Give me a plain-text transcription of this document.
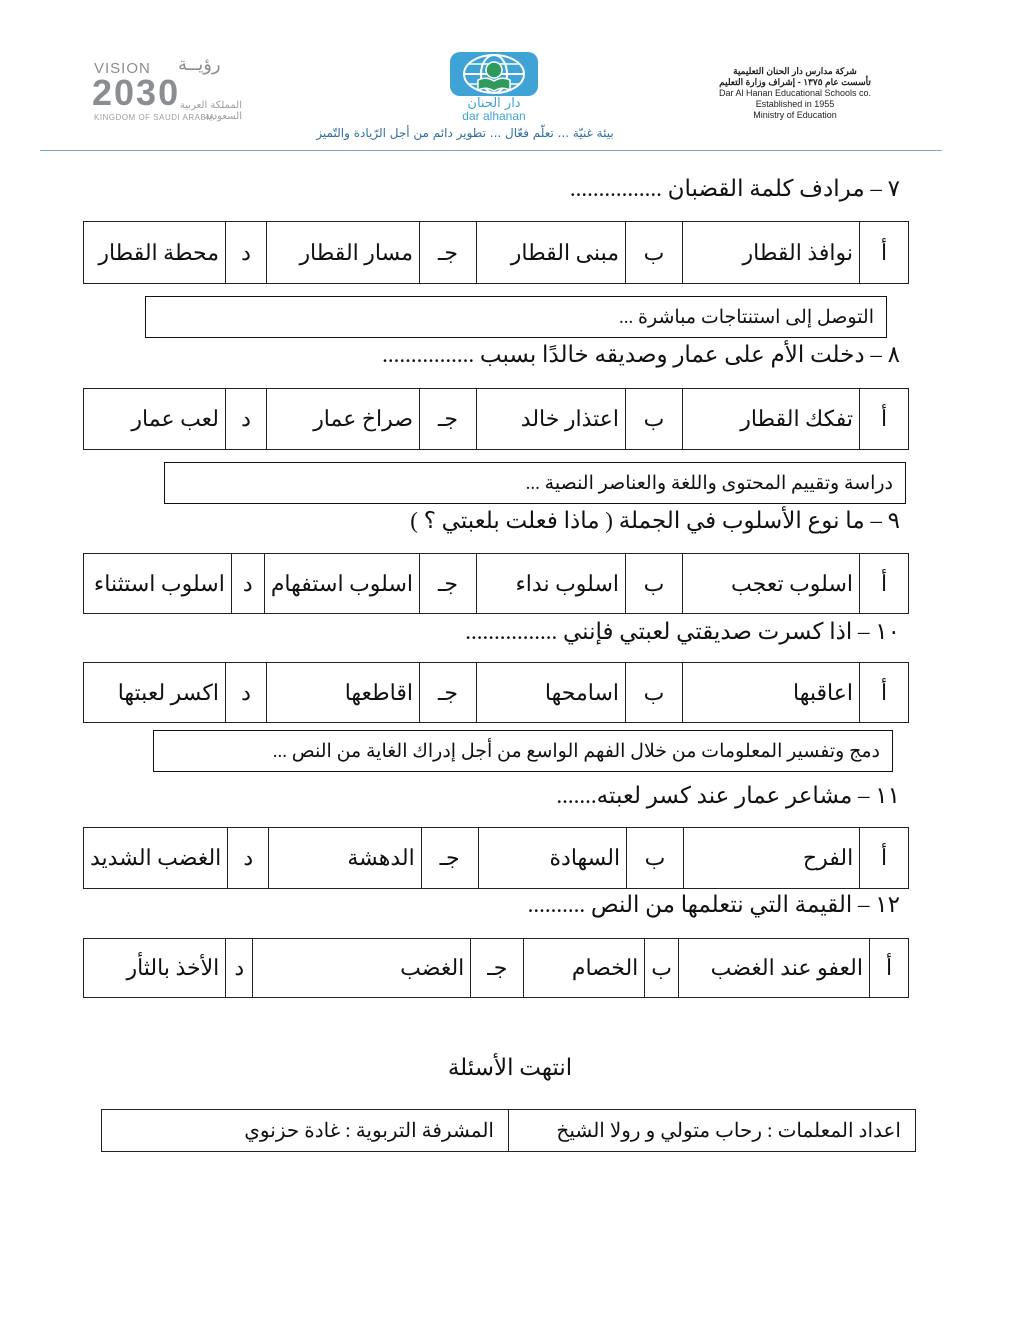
VISION رؤيــة
2030 المملكة العربية السعودية
KINGDOM OF SAUDI ARABIA
دار الحنان
dar alhanan
شركة مدارس دار الحنان التعليمية
تأسست عام ١٣٧٥ - إشراف وزارة التعليم
Dar Al Hanan Educational Schools co.
Established in 1955
Ministry of Education
بيئة غنيّة ... تعلّم فعّال ... تطوير دائم من أجل الرّيادة والتّميز
٧ – مرادف كلمة القضبان ................
أ	نوافذ القطار	ب	مبنى القطار	جـ	مسار القطار	د	محطة القطار
التوصل إلى استنتاجات مباشرة ...
٨ – دخلت الأم على عمار وصديقه خالدًا بسبب ................
أ	تفكك القطار	ب	اعتذار خالد	جـ	صراخ عمار	د	لعب عمار
دراسة وتقييم المحتوى واللغة والعناصر النصية ...
٩ – ما نوع الأسلوب في الجملة ( ماذا فعلت بلعبتي ؟ )
أ	اسلوب تعجب	ب	اسلوب نداء	جـ	اسلوب استفهام	د	اسلوب استثناء
١٠ – اذا كسرت صديقتي لعبتي فإنني ................
أ	اعاقبها	ب	اسامحها	جـ	اقاطعها	د	اكسر لعبتها
دمج وتفسير المعلومات من خلال الفهم الواسع من أجل إدراك الغاية من النص ...
١١ – مشاعر عمار عند كسر لعبته.......
أ	الفرح	ب	السهادة	جـ	الدهشة	د	الغضب الشديد
١٢ – القيمة التي نتعلمها من النص ..........
أ	العفو عند الغضب	ب	الخصام	جـ	الغضب	د	الأخذ بالثأر
انتهت الأسئلة
اعداد المعلمات : رحاب متولي و رولا الشيخ	المشرفة التربوية : غادة حزنوي
